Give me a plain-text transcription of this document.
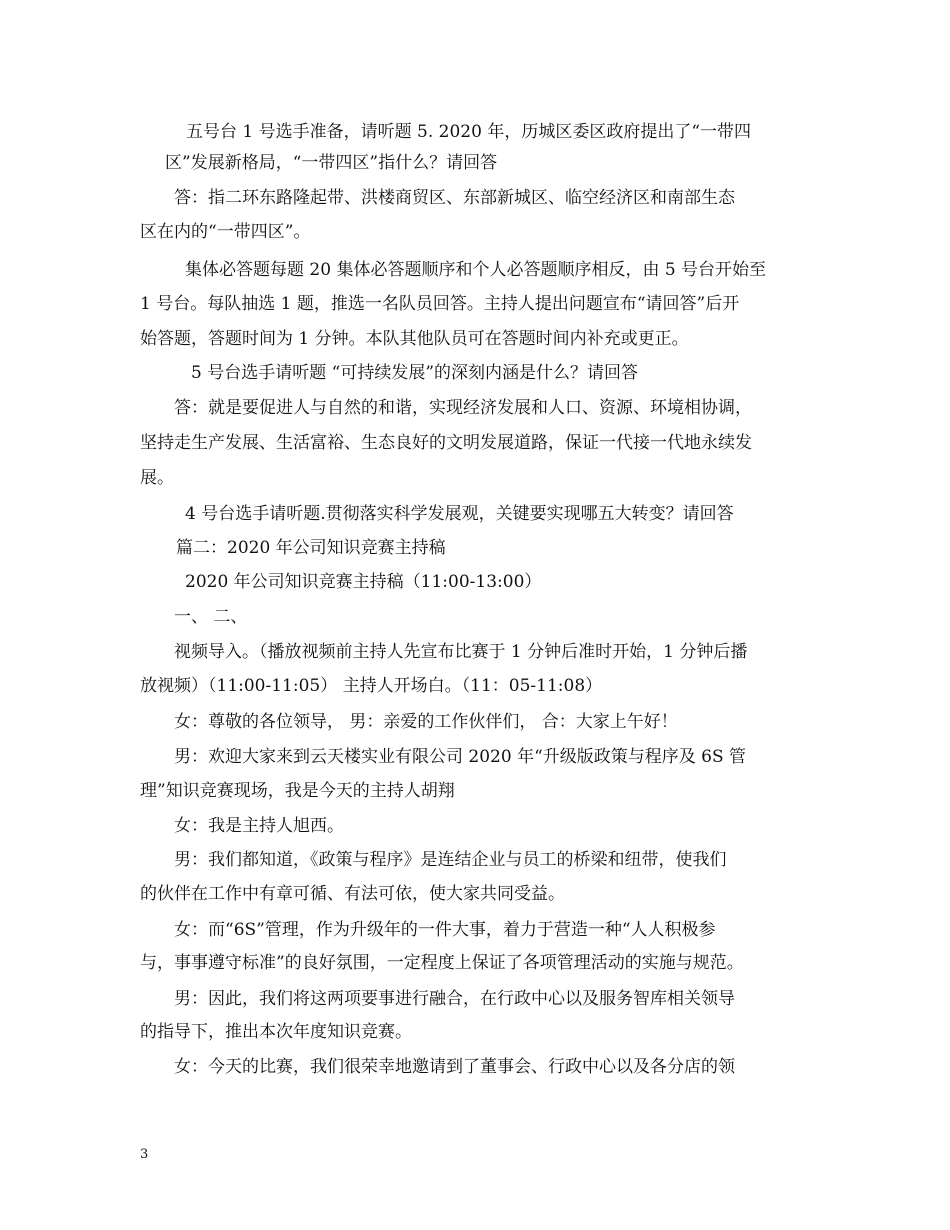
五号台 1 号选手准备，请听题 5. 2020 年，历城区委区政府提出了“一带四
区”发展新格局，“一带四区”指什么？请回答
答：指二环东路隆起带、洪楼商贸区、东部新城区、临空经济区和南部生态
区在内的“一带四区”。
集体必答题每题 20 集体必答题顺序和个人必答题顺序相反，由 5 号台开始至
1 号台。每队抽选 1 题，推选一名队员回答。主持人提出问题宣布“请回答”后开
始答题，答题时间为 1 分钟。本队其他队员可在答题时间内补充或更正。
5 号台选手请听题 “可持续发展”的深刻内涵是什么？请回答
答：就是要促进人与自然的和谐，实现经济发展和人口、资源、环境相协调，
坚持走生产发展、生活富裕、生态良好的文明发展道路，保证一代接一代地永续发
展。
4 号台选手请听题.贯彻落实科学发展观，关键要实现哪五大转变？请回答
篇二：2020 年公司知识竞赛主持稿
2020 年公司知识竞赛主持稿（11:00-13:00）
一、 二、
视频导入。（播放视频前主持人先宣布比赛于 1 分钟后准时开始，1 分钟后播
放视频）（11:00-11:05） 主持人开场白。（11：05-11:08）
女：尊敬的各位领导， 男：亲爱的工作伙伴们， 合：大家上午好！
男：欢迎大家来到云天楼实业有限公司 2020 年“升级版政策与程序及 6S 管
理”知识竞赛现场，我是今天的主持人胡翔
女：我是主持人旭西。
男：我们都知道，《政策与程序》是连结企业与员工的桥梁和纽带，使我们
的伙伴在工作中有章可循、有法可依，使大家共同受益。
女：而“6S”管理，作为升级年的一件大事，着力于营造一种“人人积极参
与，事事遵守标准”的良好氛围，一定程度上保证了各项管理活动的实施与规范。
男：因此，我们将这两项要事进行融合，在行政中心以及服务智库相关领导
的指导下，推出本次年度知识竞赛。
女：今天的比赛，我们很荣幸地邀请到了董事会、行政中心以及各分店的领
3
